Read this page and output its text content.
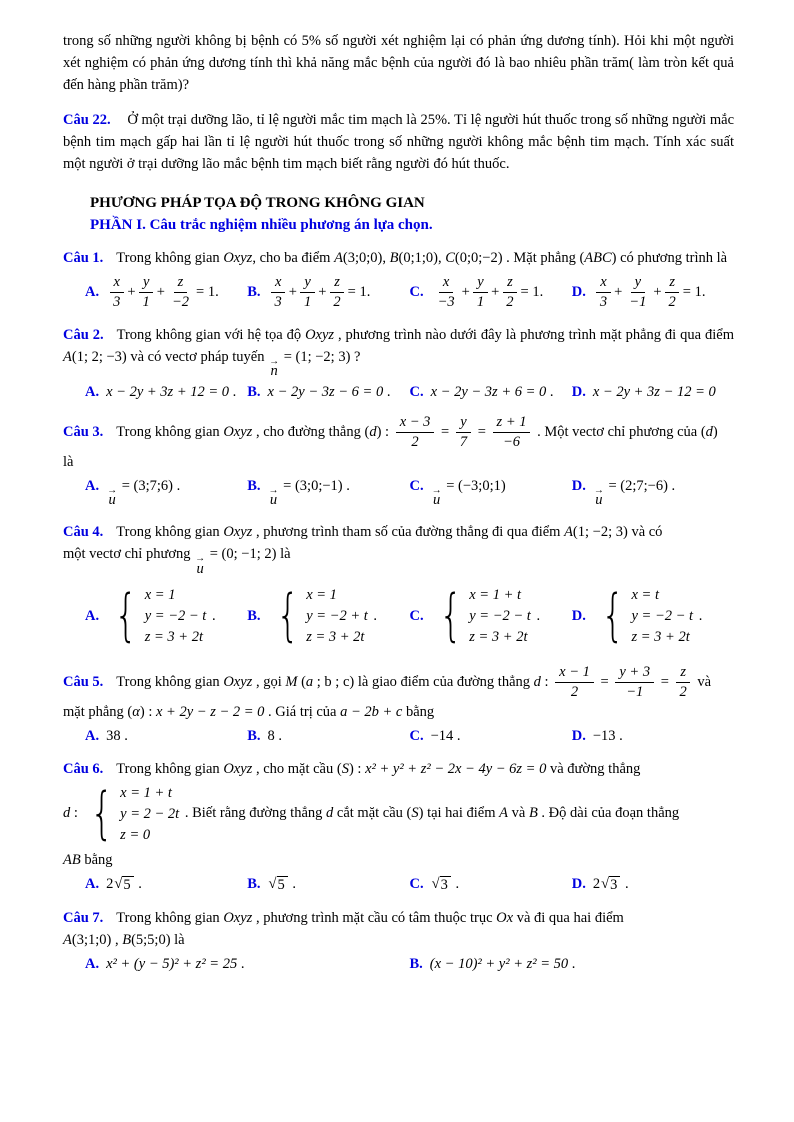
trong số những người không bị bệnh có 5% số người xét nghiệm lại có phản ứng dương tính). Hỏi khi một người xét nghiệm có phản ứng dương tính thì khả năng mắc bệnh của người đó là bao nhiêu phần trăm( làm tròn kết quả đến hàng phần trăm)?

Câu 22. Ở một trại dưỡng lão, tỉ lệ người mắc tim mạch là 25%. Tỉ lệ người hút thuốc trong số những người mắc bệnh tim mạch gấp hai lần tỉ lệ người hút thuốc trong số những người không mắc bệnh tim mạch. Tính xác suất một người ở trại dưỡng lão mắc bệnh tim mạch biết rằng người đó hút thuốc.

PHƯƠNG PHÁP TỌA ĐỘ TRONG KHÔNG GIAN

PHẦN I. Câu trắc nghiệm nhiều phương án lựa chọn.

Câu 1. Trong không gian Oxyz, cho ba điểm A(3;0;0), B(0;1;0), C(0;0;−2) . Mặt phẳng (ABC) có phương trình là

A. $\frac{x}{3} + \frac{y}{1} + \frac{z}{-2} = 1$.	B. $\frac{x}{3} + \frac{y}{1} + \frac{z}{2} = 1$.	C. $\frac{x}{-3} + \frac{y}{1} + \frac{z}{2} = 1$.	D. $\frac{x}{3} + \frac{y}{-1} + \frac{z}{2} = 1$.

Câu 2. Trong không gian với hệ tọa độ Oxyz , phương trình nào dưới đây là phương trình mặt phẳng đi qua điểm A(1; 2; −3) và có vectơ pháp tuyến →
n
= (1; −2; 3) ?

A. x − 2y + 3z + 12 = 0 . B. x − 2y − 3z − 6 = 0 .	C. x − 2y − 3z + 6 = 0 .	D. x − 2y + 3z − 12 = 0

Câu 3. Trong không gian Oxyz , cho đường thẳng (d) : $\frac{x - 3}{2} = \frac{y}{7} = \frac{z + 1}{-6}$ . Một vectơ chỉ phương của (d)
là

A. →
u
= (3;7;6) .	B. →
u
= (3;0;−1) .	C. →
u
= (−3;0;1)	D. →
u
= (2;7;−6) .

Câu 4. Trong không gian Oxyz , phương trình tham số của đường thẳng đi qua điểm A(1; −2; 3) và có
một vectơ chỉ phương →
u
= (0; −1; 2) là

A. { x = 1
y = −2 − t
z = 3 + 2t
.	B. { x = 1
y = −2 + t
z = 3 + 2t
.	C. { x = 1 + t
y = −2 − t
z = 3 + 2t
.	D. { x = t
y = −2 − t
z = 3 + 2t
.

Câu 5. Trong không gian Oxyz , gọi M (a ; b ; c) là giao điểm của đường thẳng d : $\frac{x - 1}{2} = \frac{y + 3}{-1} = \frac{z}{2}$ và
mặt phẳng (α) : x + 2y − z − 2 = 0 . Giá trị của a − 2b + c bằng

A. 38 .	B. 8 .	C. −14 .	D. −13 .

Câu 6. Trong không gian Oxyz , cho mặt cầu (S) : x² + y² + z² − 2x − 4y − 6z = 0 và đường thẳng
d : { x = 1 + t
y = 2 − 2t
z = 0
. Biết rằng đường thẳng d cắt mặt cầu (S) tại hai điểm A và B . Độ dài của đoạn thẳng
AB bằng

A. 2 √ 5 .	B. √ 5 .	C. √ 3 .	D. 2 √ 3 .

Câu 7. Trong không gian Oxyz , phương trình mặt cầu có tâm thuộc trục Ox và đi qua hai điểm
A(3;1;0) , B(5;5;0) là

A. x² + (y − 5)² + z² = 25 .	B. (x − 10)² + y² + z² = 50 .
